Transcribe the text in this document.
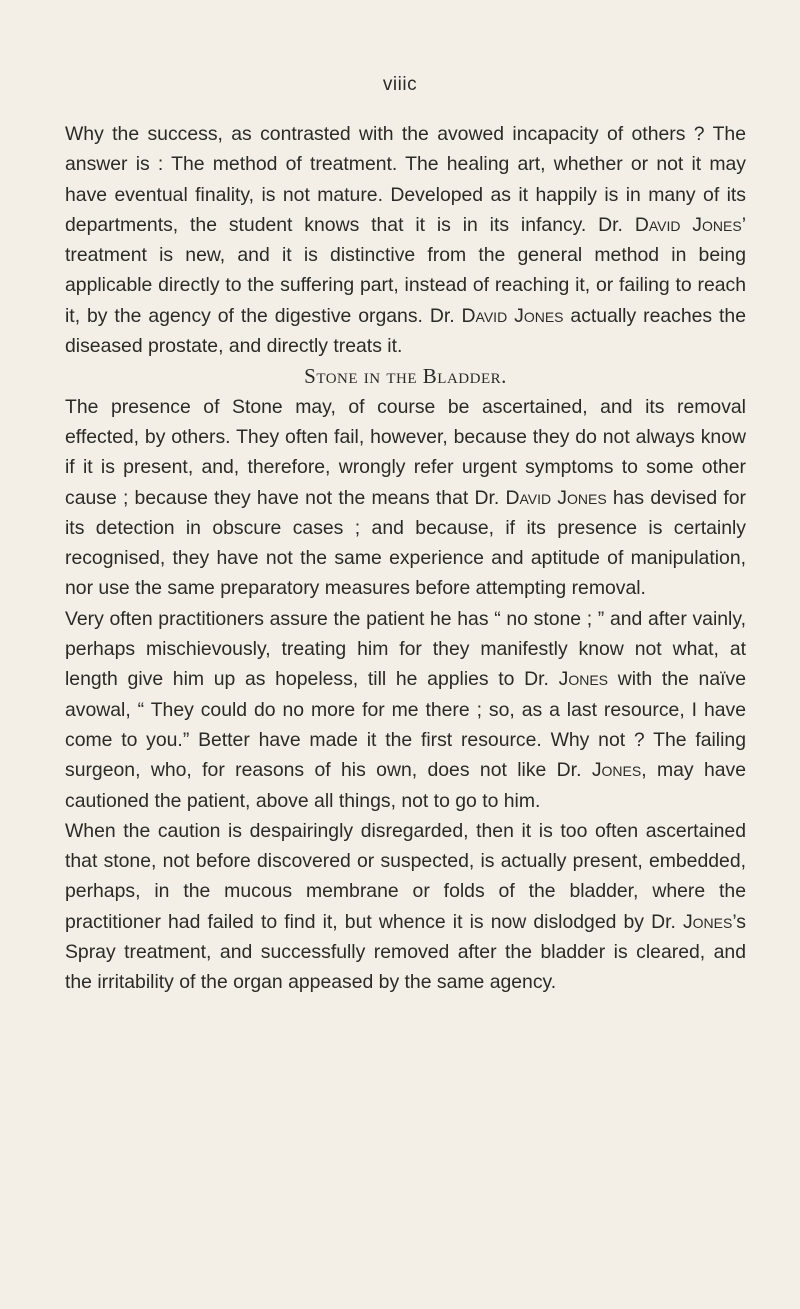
viiic

Why the success, as contrasted with the avowed incapacity of others ? The answer is : The method of treatment. The healing art, whether or not it may have eventual finality, is not mature. Developed as it happily is in many of its departments, the student knows that it is in its infancy. Dr. David Jones’ treatment is new, and it is distinctive from the general method in being applicable directly to the suffering part, instead of reaching it, or failing to reach it, by the agency of the digestive organs. Dr. David Jones actually reaches the diseased prostate, and directly treats it.

Stone in the Bladder.

The presence of Stone may, of course be ascertained, and its removal effected, by others. They often fail, however, because they do not always know if it is present, and, therefore, wrongly refer urgent symptoms to some other cause ; because they have not the means that Dr. David Jones has devised for its detection in obscure cases ; and because, if its presence is certainly recognised, they have not the same experience and aptitude of manipulation, nor use the same preparatory measures before attempting removal.

Very often practitioners assure the patient he has “ no stone ; ” and after vainly, perhaps mischievously, treating him for they manifestly know not what, at length give him up as hopeless, till he applies to Dr. Jones with the naïve avowal, “ They could do no more for me there ; so, as a last resource, I have come to you.” Better have made it the first resource. Why not ? The failing surgeon, who, for reasons of his own, does not like Dr. Jones, may have cautioned the patient, above all things, not to go to him.

When the caution is despairingly disregarded, then it is too often ascertained that stone, not before discovered or suspected, is actually present, embedded, perhaps, in the mucous membrane or folds of the bladder, where the practitioner had failed to find it, but whence it is now dislodged by Dr. Jones’s Spray treatment, and successfully removed after the bladder is cleared, and the irritability of the organ appeased by the same agency.
